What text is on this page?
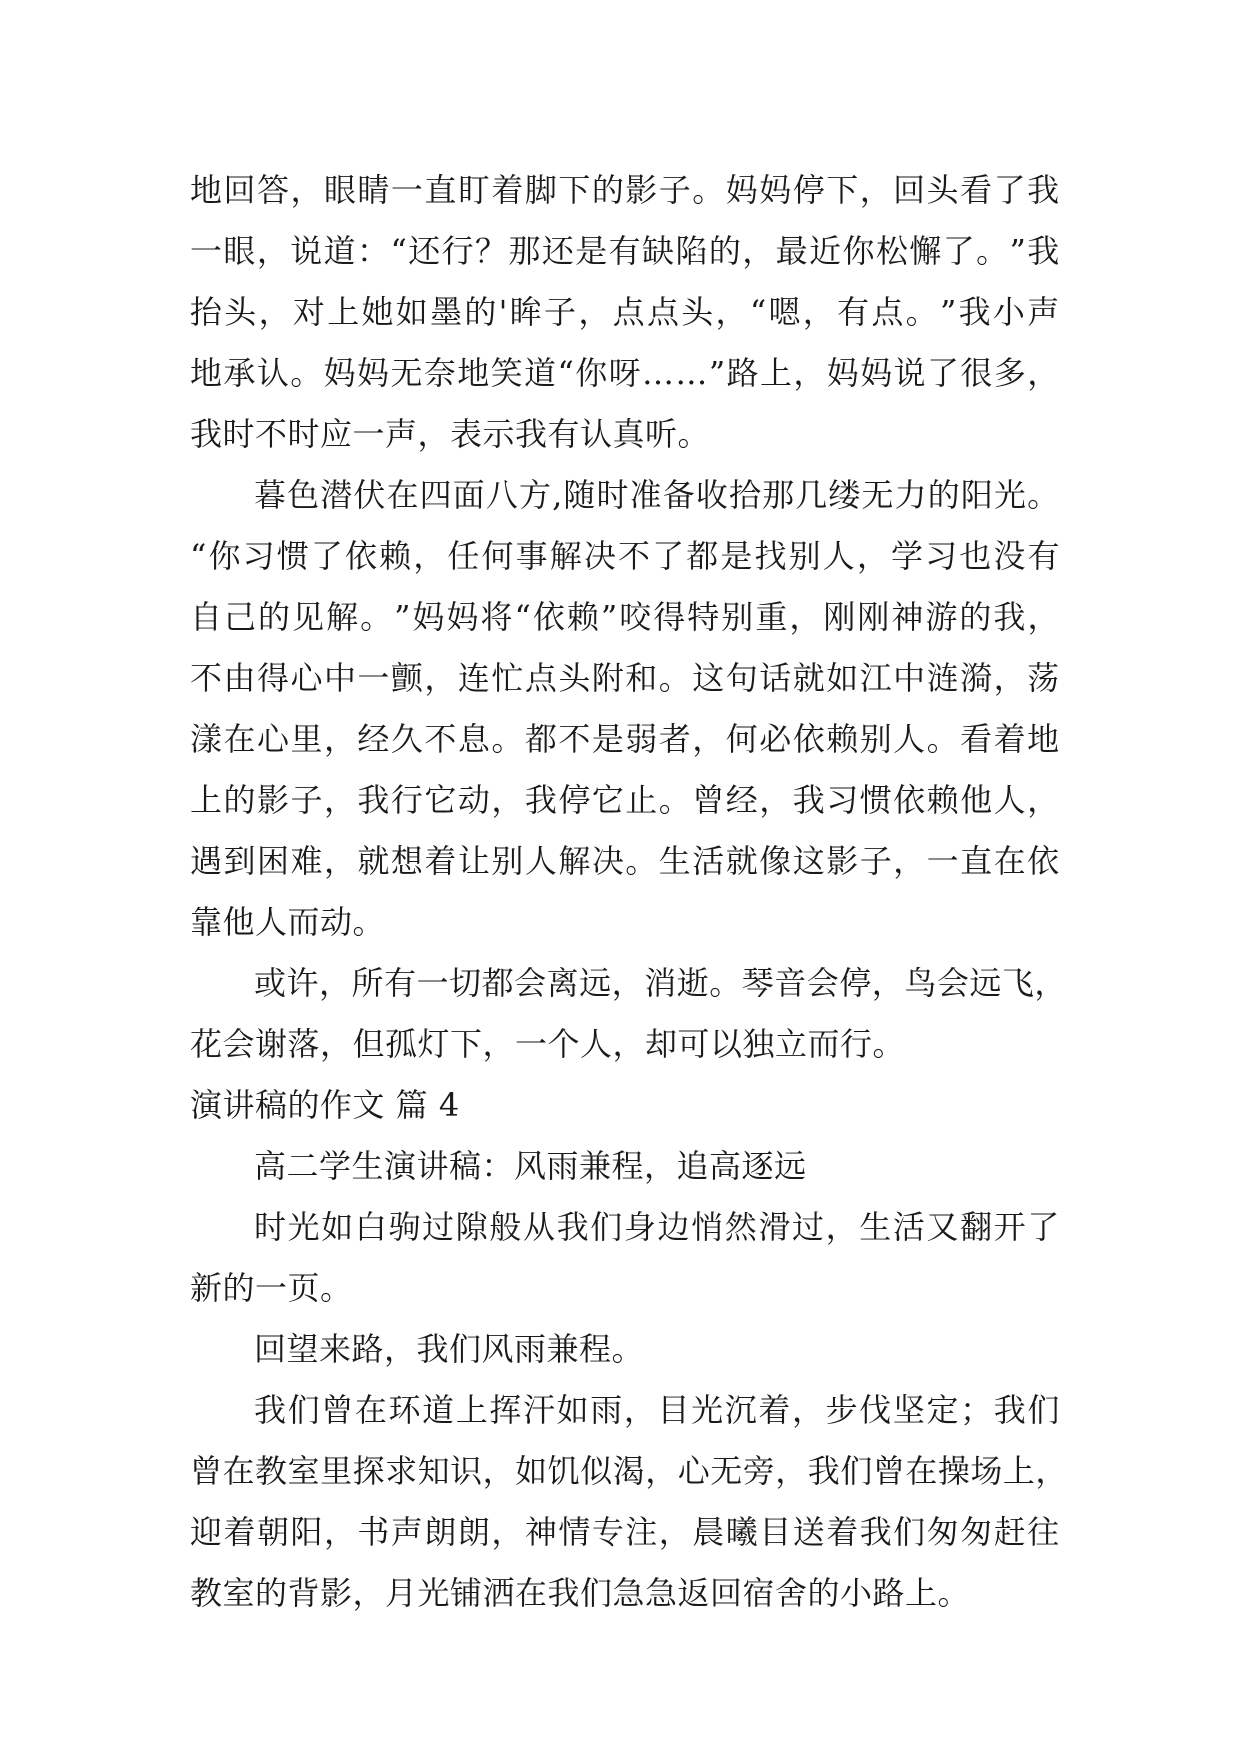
地 回 答 ， 眼 睛 一 直 盯 着 脚 下 的 影 子 。 妈 妈 停 下 ， 回 头 看 了 我
一 眼 ， 说 道 ： “ 还 行 ？ 那 还 是 有 缺 陷 的 ， 最 近 你 松 懈 了 。 ” 我
抬 头 ， 对 上 她 如 墨 的 ' 眸 子 ， 点 点 头 ， “ 嗯 ， 有 点 。 ” 我 小 声
地 承 认 。 妈 妈 无 奈 地 笑 道 “ 你 呀 … … ” 路 上 ， 妈 妈 说 了 很 多 ，
我时不时应一声，表示我有认真听。
暮 色 潜 伏 在 四 面 八 方 , 随 时 准 备 收 拾 那 几 缕 无 力 的 阳 光 。
“ 你 习 惯 了 依 赖 ， 任 何 事 解 决 不 了 都 是 找 别 人 ， 学 习 也 没 有
自 己 的 见 解 。 ” 妈 妈 将 “ 依 赖 ” 咬 得 特 别 重 ， 刚 刚 神 游 的 我 ，
不 由 得 心 中 一 颤 ， 连 忙 点 头 附 和 。 这 句 话 就 如 江 中 涟 漪 ， 荡
漾 在 心 里 ， 经 久 不 息 。 都 不 是 弱 者 ， 何 必 依 赖 别 人 。 看 着 地
上 的 影 子 ， 我 行 它 动 ， 我 停 它 止 。 曾 经 ， 我 习 惯 依 赖 他 人 ，
遇 到 困 难 ， 就 想 着 让 别 人 解 决 。 生 活 就 像 这 影 子 ， 一 直 在 依
靠他人而动。
或 许 ， 所 有 一 切 都 会 离 远 ， 消 逝 。 琴 音 会 停 ， 鸟 会 远 飞 ，
花会谢落，但孤灯下，一个人，却可以独立而行。
演讲稿的作文 篇 4
高二学生演讲稿：风雨兼程，追高逐远
时 光 如 白 驹 过 隙 般 从 我 们 身 边 悄 然 滑 过 ， 生 活 又 翻 开 了
新的一页。
回望来路，我们风雨兼程。
我 们 曾 在 环 道 上 挥 汗 如 雨 ， 目 光 沉 着 ， 步 伐 坚 定 ； 我 们
曾 在 教 室 里 探 求 知 识 ， 如 饥 似 渴 ， 心 无 旁 ， 我 们 曾 在 操 场 上 ，
迎 着 朝 阳 ， 书 声 朗 朗 ， 神 情 专 注 ， 晨 曦 目 送 着 我 们 匆 匆 赶 往
教室的背影，月光铺洒在我们急急返回宿舍的小路上。
